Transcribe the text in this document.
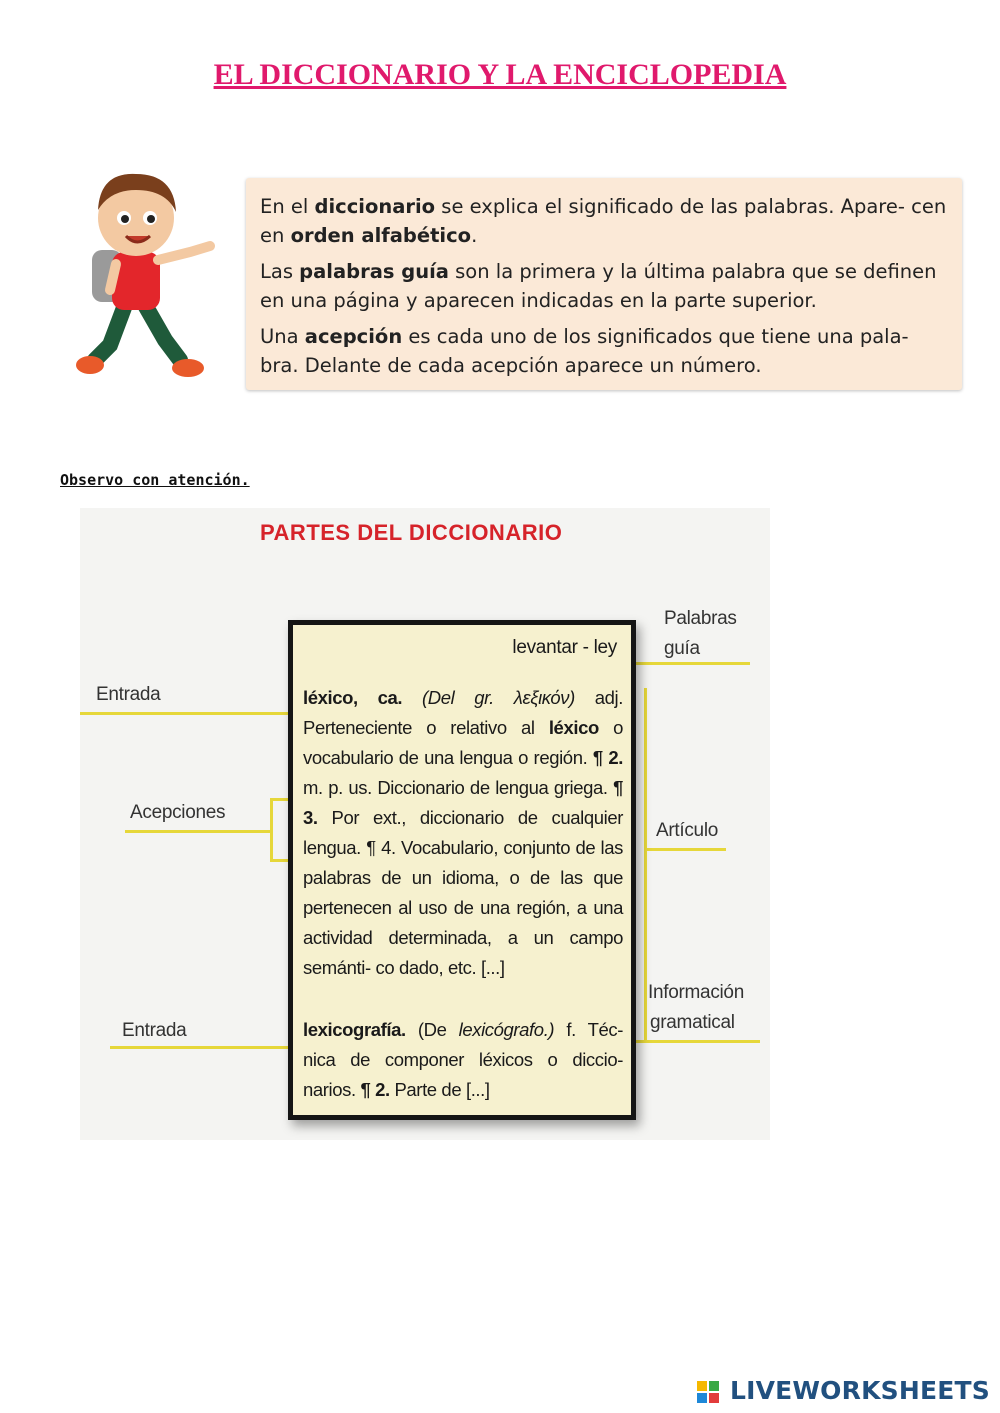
EL DICCIONARIO Y LA ENCICLOPEDIA

En el diccionario se explica el significado de las palabras. Apare- cen en orden alfabético.

Las palabras guía son la primera y la última palabra que se definen en una página y aparecen indicadas en la parte superior.

Una acepción es cada uno de los significados que tiene una pala- bra. Delante de cada acepción aparece un número.

Observo con atención.

PARTES DEL DICCIONARIO

levantar - ley

léxico, ca. (Del gr. λεξικόν) adj. Perteneciente o relativo al léxico o vocabulario de una lengua o región. ¶ 2. m. p. us. Diccionario de lengua griega. ¶ 3. Por ext., diccionario de cualquier lengua. ¶ 4. Vocabulario, conjunto de las palabras de un idioma, o de las que pertenecen al uso de una región, a una actividad determinada, a un campo semánti- co dado, etc. [...]

lexicografía. (De lexicógrafo.) f. Téc- nica de componer léxicos o diccio- narios. ¶ 2. Parte de [...]

Entrada

Acepciones

Entrada

Palabras

guía

Artículo

Información

gramatical

LIVEWORKSHEETS
